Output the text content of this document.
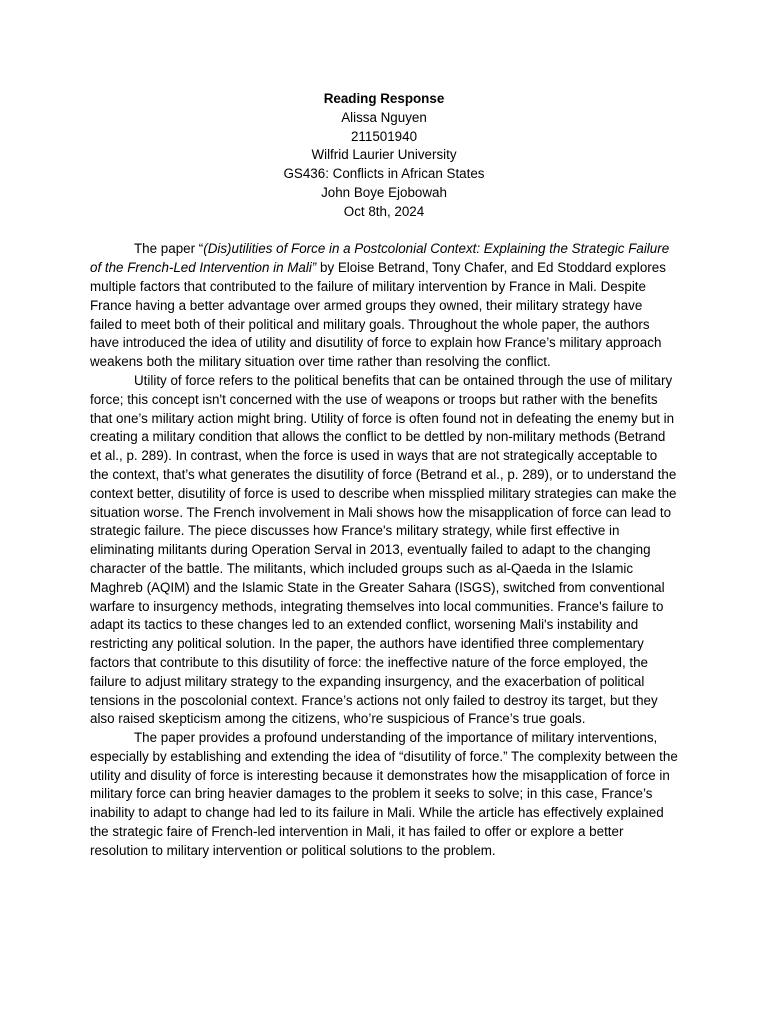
Reading Response
Alissa Nguyen
211501940
Wilfrid Laurier University
GS436: Conflicts in African States
John Boye Ejobowah
Oct 8th, 2024

The paper “(Dis)utilities of Force in a Postcolonial Context: Explaining the Strategic Failure of the French-Led Intervention in Mali” by Eloise Betrand, Tony Chafer, and Ed Stoddard explores multiple factors that contributed to the failure of military intervention by France in Mali. Despite France having a better advantage over armed groups they owned, their military strategy have failed to meet both of their political and military goals. Throughout the whole paper, the authors have introduced the idea of utility and disutility of force to explain how France’s military approach weakens both the military situation over time rather than resolving the conflict.

Utility of force refers to the political benefits that can be ontained through the use of military force; this concept isn't concerned with the use of weapons or troops but rather with the benefits that one’s military action might bring. Utility of force is often found not in defeating the enemy but in creating a military condition that allows the conflict to be dettled by non-military methods (Betrand et al., p. 289). In contrast, when the force is used in ways that are not strategically acceptable to the context, that’s what generates the disutility of force (Betrand et al., p. 289), or to understand the context better, disutility of force is used to describe when missplied military strategies can make the situation worse. The French involvement in Mali shows how the misapplication of force can lead to strategic failure. The piece discusses how France's military strategy, while first effective in eliminating militants during Operation Serval in 2013, eventually failed to adapt to the changing character of the battle. The militants, which included groups such as al-Qaeda in the Islamic Maghreb (AQIM) and the Islamic State in the Greater Sahara (ISGS), switched from conventional warfare to insurgency methods, integrating themselves into local communities. France's failure to adapt its tactics to these changes led to an extended conflict, worsening Mali's instability and restricting any political solution. In the paper, the authors have identified three complementary factors that contribute to this disutility of force: the ineffective nature of the force employed, the failure to adjust military strategy to the expanding insurgency, and the exacerbation of political tensions in the poscolonial context. France’s actions not only failed to destroy its target, but they also raised skepticism among the citizens, who’re suspicious of France’s true goals.

The paper provides a profound understanding of the importance of military interventions, especially by establishing and extending the idea of “disutility of force.” The complexity between the utility and disulity of force is interesting because it demonstrates how the misapplication of force in military force can bring heavier damages to the problem it seeks to solve; in this case, France’s inability to adapt to change had led to its failure in Mali. While the article has effectively explained the strategic faire of French-led intervention in Mali, it has failed to offer or explore a better resolution to military intervention or political solutions to the problem.
